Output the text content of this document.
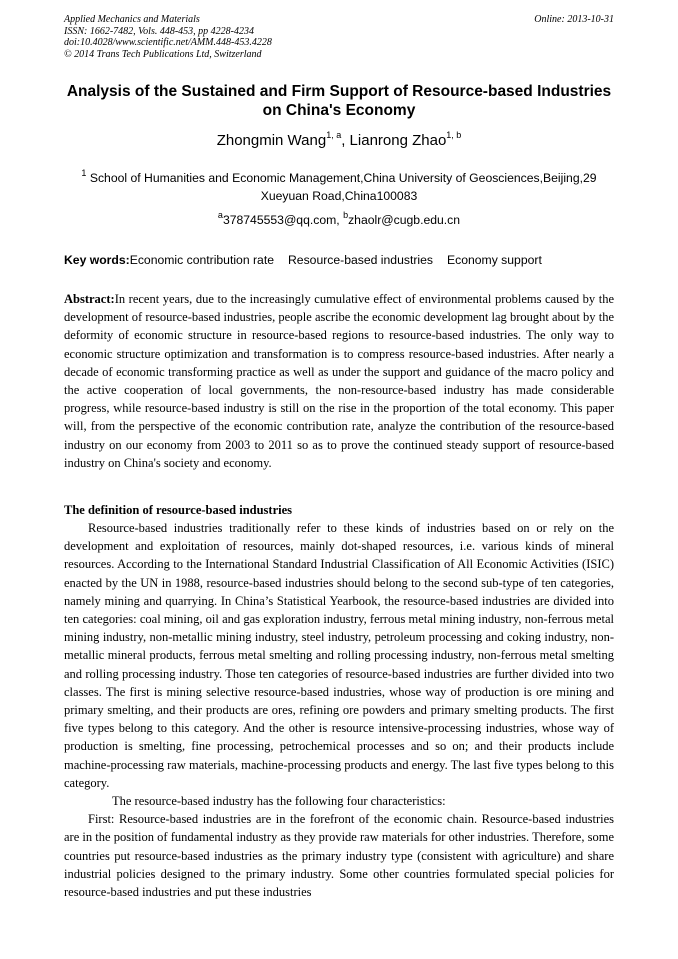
Applied Mechanics and Materials
ISSN: 1662-7482, Vols. 448-453, pp 4228-4234
doi:10.4028/www.scientific.net/AMM.448-453.4228
© 2014 Trans Tech Publications Ltd, Switzerland
Online: 2013-10-31
Analysis of the Sustained and Firm Support of Resource-based Industries on China's Economy
Zhongmin Wang$^{1, a}$, Lianrong Zhao$^{1, b}$
$^1$ School of Humanities and Economic Management,China University of Geosciences,Beijing,29 Xueyuan Road,China100083
$^a$378745553@qq.com, $^b$zhaolr@cugb.edu.cn
Key words:Economic contribution rate Resource-based industries Economy support

Abstract:In recent years, due to the increasingly cumulative effect of environmental problems caused by the development of resource-based industries, people ascribe the economic development lag brought about by the deformity of economic structure in resource-based regions to resource-based industries. The only way to economic structure optimization and transformation is to compress resource-based industries. After nearly a decade of economic transforming practice as well as under the support and guidance of the macro policy and the active cooperation of local governments, the non-resource-based industry has made considerable progress, while resource-based industry is still on the rise in the proportion of the total economy. This paper will, from the perspective of the economic contribution rate, analyze the contribution of the resource-based industry on our economy from 2003 to 2011 so as to prove the continued steady support of resource-based industry on China's society and economy.

The definition of resource-based industries

Resource-based industries traditionally refer to these kinds of industries based on or rely on the development and exploitation of resources, mainly dot-shaped resources, i.e. various kinds of mineral resources. According to the International Standard Industrial Classification of All Economic Activities (ISIC) enacted by the UN in 1988, resource-based industries should belong to the second sub-type of ten categories, namely mining and quarrying. In China’s Statistical Yearbook, the resource-based industries are divided into ten categories: coal mining, oil and gas exploration industry, ferrous metal mining industry, non-ferrous metal mining industry, non-metallic mining industry, steel industry, petroleum processing and coking industry, non-metallic mineral products, ferrous metal smelting and rolling processing industry, non-ferrous metal smelting and rolling processing industry. Those ten categories of resource-based industries are further divided into two classes. The first is mining selective resource-based industries, whose way of production is ore mining and primary smelting, and their products are ores, refining ore powders and primary smelting products. The first five types belong to this category. And the other is resource intensive-processing industries, whose way of production is smelting, fine processing, petrochemical processes and so on; and their products include machine-processing raw materials, machine-processing products and energy. The last five types belong to this category.

The resource-based industry has the following four characteristics:

First: Resource-based industries are in the forefront of the economic chain. Resource-based industries are in the position of fundamental industry as they provide raw materials for other industries. Therefore, some countries put resource-based industries as the primary industry type (consistent with agriculture) and share industrial policies designed to the primary industry. Some other countries formulated special policies for resource-based industries and put these industries
